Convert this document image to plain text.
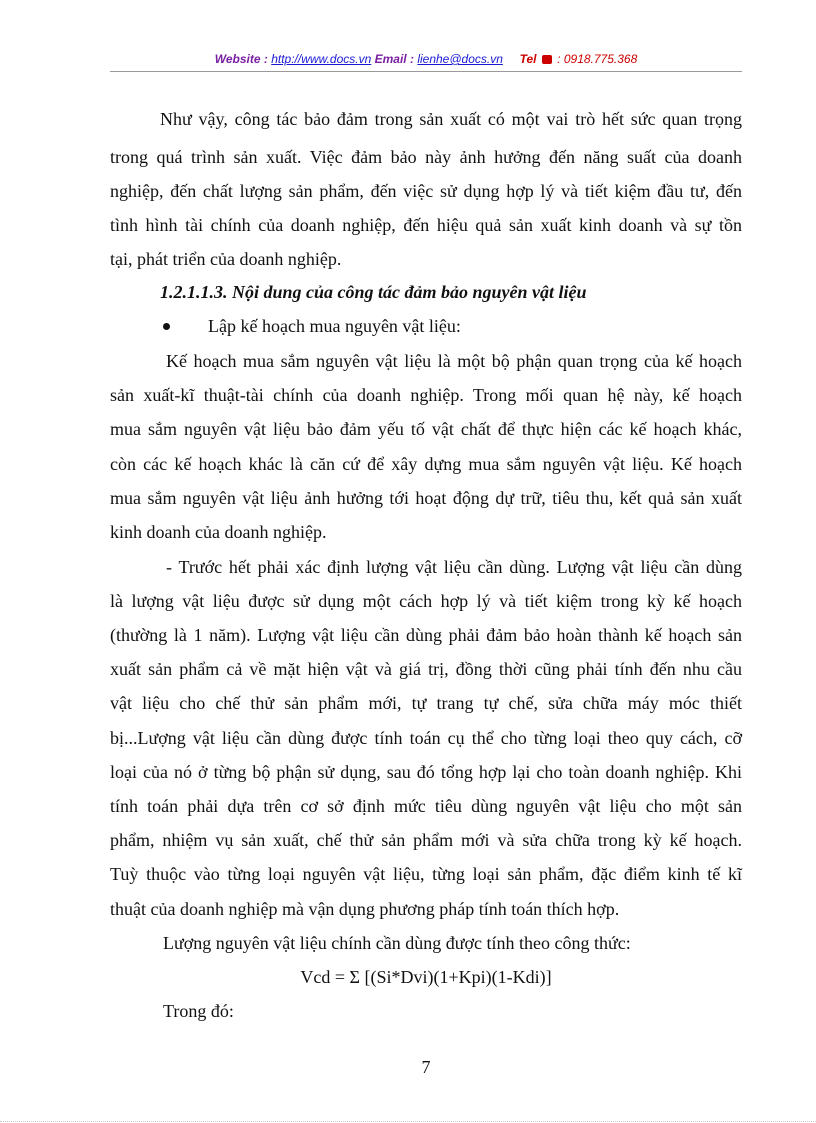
Website : http://www.docs.vn Email : lienhe@docs.vn Tel : 0918.775.368
Như vậy, công tác bảo đảm trong sản xuất có một vai trò hết sức quan trọng
trong quá trình sản xuất. Việc đảm bảo này ảnh hưởng đến năng suất của doanh
nghiệp, đến chất lượng sản phẩm, đến việc sử dụng hợp lý và tiết kiệm đầu tư, đến
tình hình tài chính của doanh nghiệp, đến hiệu quả sản xuất kinh doanh và sự tồn
tại, phát triển của doanh nghiệp.
1.2.1.1.3. Nội dung của công tác đảm bảo nguyên vật liệu
Lập kế hoạch mua nguyên vật liệu:
Kế hoạch mua sắm nguyên vật liệu là một bộ phận quan trọng của kế hoạch
sản xuất-kĩ thuật-tài chính của doanh nghiệp. Trong mối quan hệ này, kế hoạch
mua sắm nguyên vật liệu bảo đảm yếu tố vật chất để thực hiện các kế hoạch khác,
còn các kế hoạch khác là căn cứ để xây dựng mua sắm nguyên vật liệu. Kế hoạch
mua sắm nguyên vật liệu ảnh hưởng tới hoạt động dự trữ, tiêu thu, kết quả sản xuất
kinh doanh của doanh nghiệp.
- Trước hết phải xác định lượng vật liệu cần dùng. Lượng vật liệu cần dùng
là lượng vật liệu được sử dụng một cách hợp lý và tiết kiệm trong kỳ kế hoạch
(thường là 1 năm). Lượng vật liệu cần dùng phải đảm bảo hoàn thành kế hoạch sản
xuất sản phẩm cả về mặt hiện vật và giá trị, đồng thời cũng phải tính đến nhu cầu
vật liệu cho chế thử sản phẩm mới, tự trang tự chế, sửa chữa máy móc thiết
bị...Lượng vật liệu cần dùng được tính toán cụ thể cho từng loại theo quy cách, cỡ
loại của nó ở từng bộ phận sử dụng, sau đó tổng hợp lại cho toàn doanh nghiệp. Khi
tính toán phải dựa trên cơ sở định mức tiêu dùng nguyên vật liệu cho một sản
phẩm, nhiệm vụ sản xuất, chế thử sản phẩm mới và sửa chữa trong kỳ kế hoạch.
Tuỳ thuộc vào từng loại nguyên vật liệu, từng loại sản phẩm, đặc điểm kinh tế kĩ
thuật của doanh nghiệp mà vận dụng phương pháp tính toán thích hợp.
Lượng nguyên vật liệu chính cần dùng được tính theo công thức:
Vcd = Σ [(Si*Dvi)(1+Kpi)(1-Kdi)]
Trong đó:
7
